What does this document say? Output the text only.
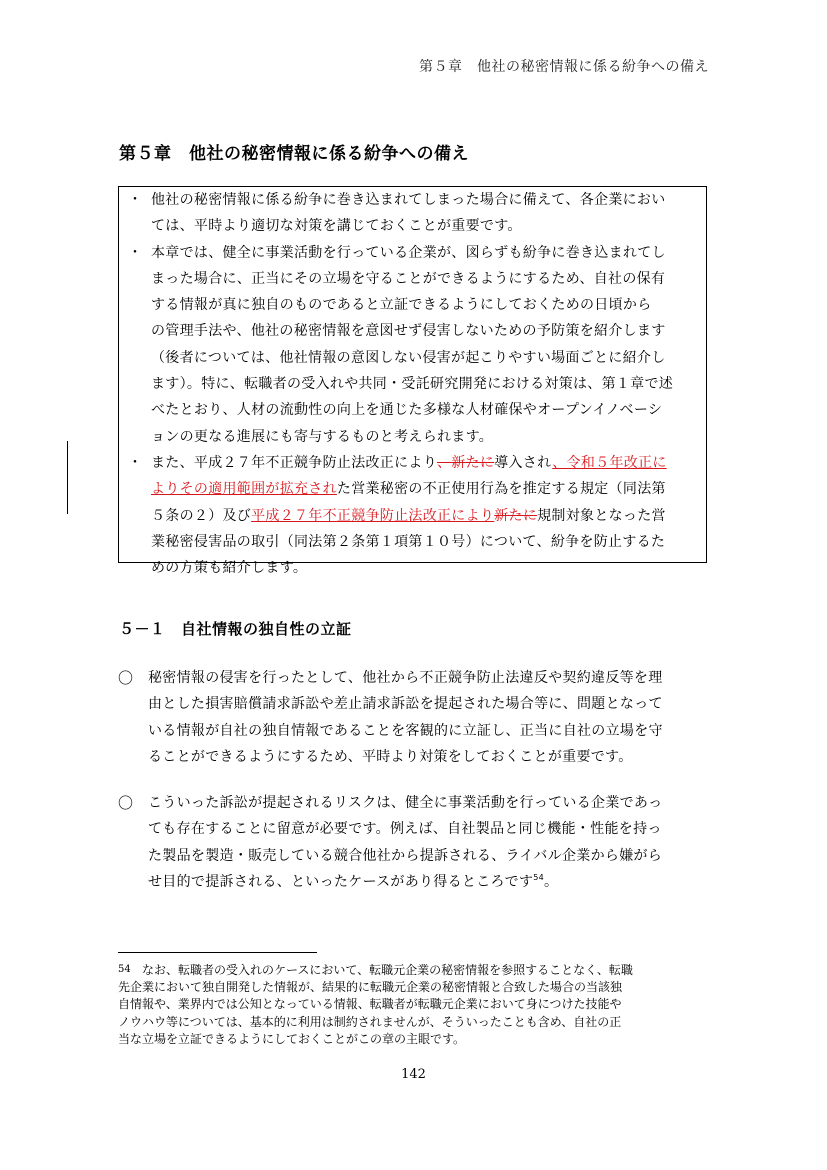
第５章　他社の秘密情報に係る紛争への備え
第５章　他社の秘密情報に係る紛争への備え
・ 他社の秘密情報に係る紛争に巻き込まれてしまった場合に備えて、各企業におい
ては、平時より適切な対策を講じておくことが重要です。
・ 本章では、健全に事業活動を行っている企業が、図らずも紛争に巻き込まれてし
まった場合に、正当にその立場を守ることができるようにするため、自社の保有
する情報が真に独自のものであると立証できるようにしておくための日頃から
の管理手法や、他社の秘密情報を意図せず侵害しないための予防策を紹介します
（後者については、他社情報の意図しない侵害が起こりやすい場面ごとに紹介し
ます）。特に、転職者の受入れや共同・受託研究開発における対策は、第１章で述
べたとおり、人材の流動性の向上を通じた多様な人材確保やオープンイノベーシ
ョンの更なる進展にも寄与するものと考えられます。
・ また、平成２７年不正競争防止法改正により、新たに導入され、令和５年改正に
よりその適用範囲が拡充された営業秘密の不正使用行為を推定する規定（同法第
５条の２）及び平成２７年不正競争防止法改正により新たに規制対象となった営
業秘密侵害品の取引（同法第２条第１項第１０号）について、紛争を防止するた
めの方策も紹介します。
５－１　自社情報の独自性の立証
〇 秘密情報の侵害を行ったとして、他社から不正競争防止法違反や契約違反等を理
由とした損害賠償請求訴訟や差止請求訴訟を提起された場合等に、問題となって
いる情報が自社の独自情報であることを客観的に立証し、正当に自社の立場を守
ることができるようにするため、平時より対策をしておくことが重要です。
〇 こういった訴訟が提起されるリスクは、健全に事業活動を行っている企業であっ
ても存在することに留意が必要です。例えば、自社製品と同じ機能・性能を持っ
た製品を製造・販売している競合他社から提訴される、ライバル企業から嫌がら
せ目的で提訴される、といったケースがあり得るところです$^{54}$。
54 　なお、転職者の受入れのケースにおいて、転職元企業の秘密情報を参照することなく、転職
先企業において独自開発した情報が、結果的に転職元企業の秘密情報と合致した場合の当該独
自情報や、業界内では公知となっている情報、転職者が転職元企業において身につけた技能や
ノウハウ等については、基本的に利用は制約されませんが、そういったことも含め、自社の正
当な立場を立証できるようにしておくことがこの章の主眼です。
142
